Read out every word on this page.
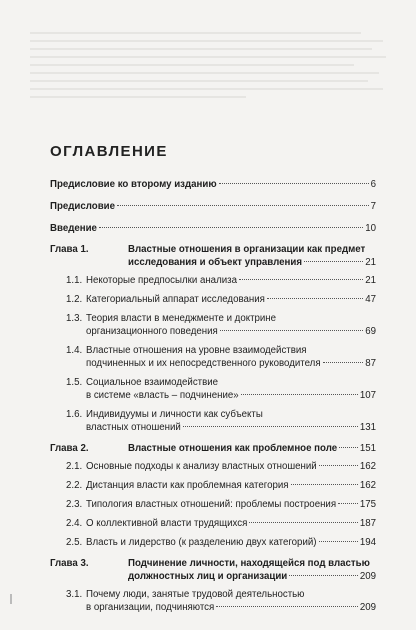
ОГЛАВЛЕНИЕ
Предисловие ко второму изданию	6
Предисловие	7
Введение	10
Глава 1.	Властные отношения в организации как предмет
исследования и объект управления	21
1.1. Некоторые предпосылки анализа	21
1.2. Категориальный аппарат исследования	47
1.3. Теория власти в менеджменте и доктрине
организационного поведения	69
1.4. Властные отношения на уровне взаимодействия
подчиненных и их непосредственного руководителя	87
1.5. Социальное взаимодействие
в системе «власть – подчинение»	107
1.6. Индивидуумы и личности как субъекты
властных отношений	131
Глава 2.	Властные отношения как проблемное поле 151
2.1. Основные подходы к анализу властных отношений	162
2.2. Дистанция власти как проблемная категория	162
2.3. Типология властных отношений: проблемы построения 175
2.4. О коллективной власти трудящихся	187
2.5. Власть и лидерство (к разделению двух категорий)	194
Глава 3.	Подчинение личности, находящейся под властью
должностных лиц и организации	209
3.1. Почему люди, занятые трудовой деятельностью
в организации, подчиняются	209
